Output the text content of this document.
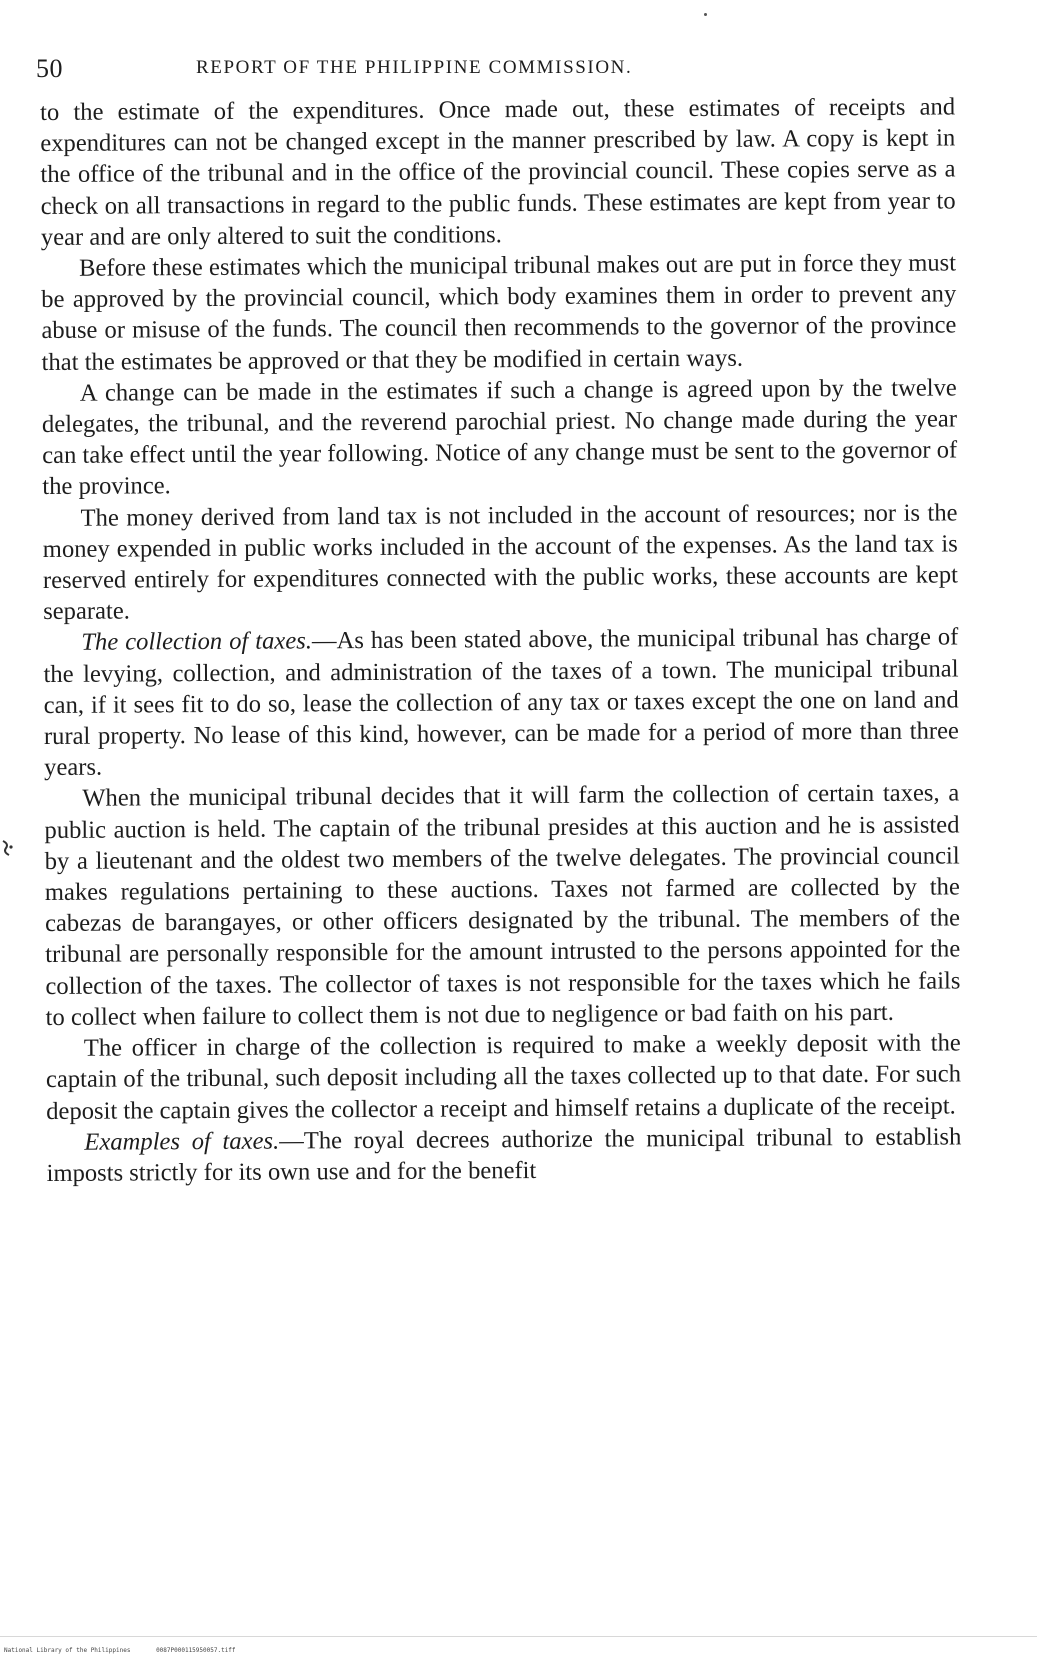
50	REPORT OF THE PHILIPPINE COMMISSION.

to the estimate of the expenditures. Once made out, these estimates of receipts and expenditures can not be changed except in the manner prescribed by law. A copy is kept in the office of the tribunal and in the office of the provincial council. These copies serve as a check on all transactions in regard to the public funds. These estimates are kept from year to year and are only altered to suit the conditions.

Before these estimates which the municipal tribunal makes out are put in force they must be approved by the provincial council, which body examines them in order to prevent any abuse or misuse of the funds. The council then recommends to the governor of the province that the estimates be approved or that they be modified in certain ways.

A change can be made in the estimates if such a change is agreed upon by the twelve delegates, the tribunal, and the reverend parochial priest. No change made during the year can take effect until the year following. Notice of any change must be sent to the governor of the province.

The money derived from land tax is not included in the account of resources; nor is the money expended in public works included in the account of the expenses. As the land tax is reserved entirely for expenditures connected with the public works, these accounts are kept separate.

The collection of taxes.—As has been stated above, the municipal tribunal has charge of the levying, collection, and administration of the taxes of a town. The municipal tribunal can, if it sees fit to do so, lease the collection of any tax or taxes except the one on land and rural property. No lease of this kind, however, can be made for a period of more than three years.

When the municipal tribunal decides that it will farm the collection of certain taxes, a public auction is held. The captain of the tribunal presides at this auction and he is assisted by a lieutenant and the oldest two members of the twelve delegates. The provincial council makes regulations pertaining to these auctions. Taxes not farmed are collected by the cabezas de barangayes, or other officers designated by the tribunal. The members of the tribunal are personally responsible for the amount intrusted to the persons appointed for the collection of the taxes. The collector of taxes is not responsible for the taxes which he fails to collect when failure to collect them is not due to negligence or bad faith on his part.

The officer in charge of the collection is required to make a weekly deposit with the captain of the tribunal, such deposit including all the taxes collected up to that date. For such deposit the captain gives the collector a receipt and himself retains a duplicate of the receipt.

Examples of taxes.—The royal decrees authorize the municipal tribunal to establish imposts strictly for its own use and for the benefit

National Library of the Philippines	0087P000115950057.tiff
